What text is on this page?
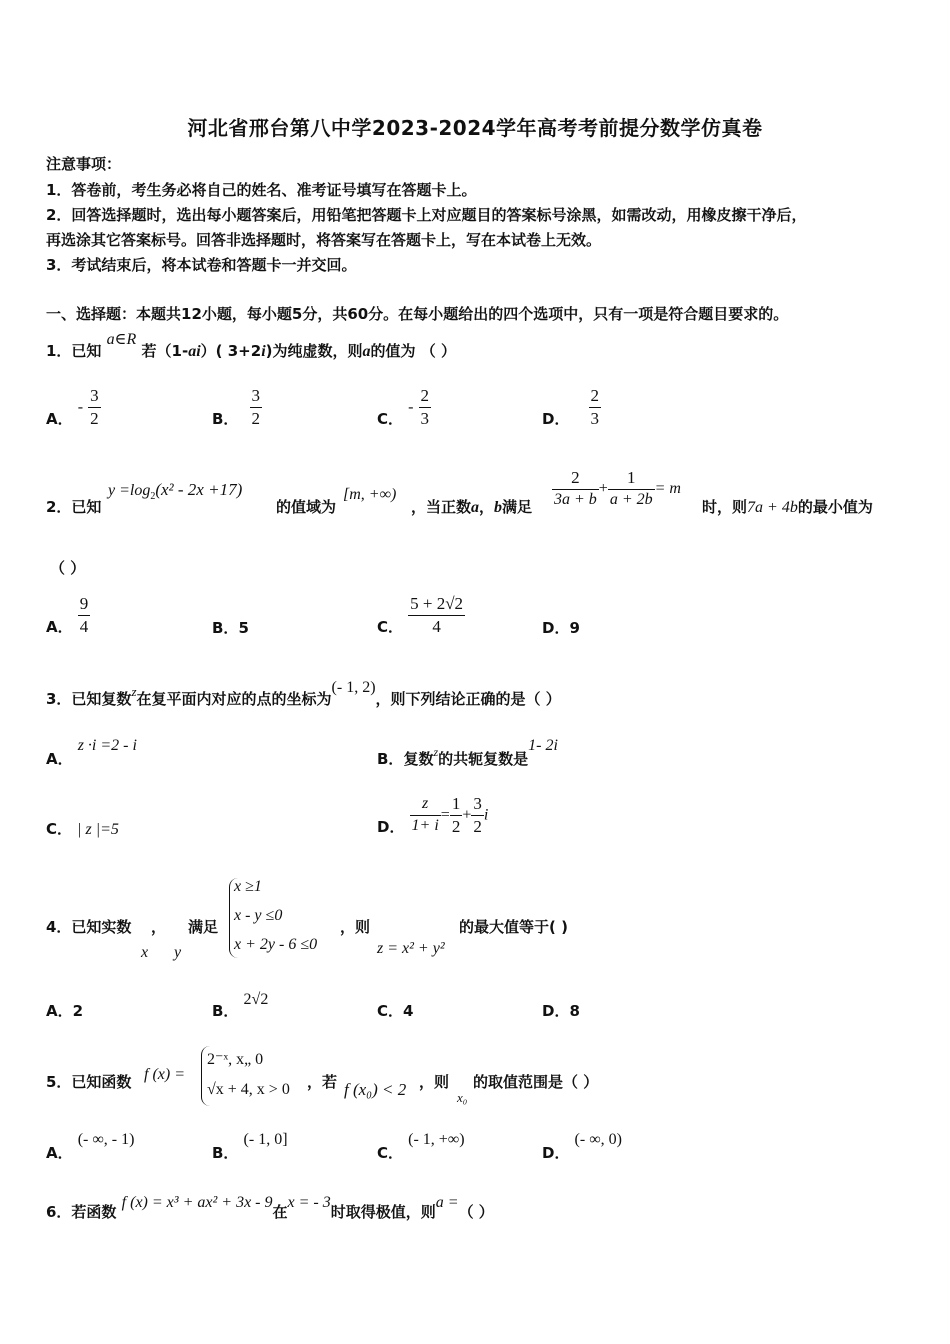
河北省邢台第八中学2023-2024学年高考考前提分数学仿真卷
注意事项：
1．答卷前，考生务必将自己的姓名、准考证号填写在答题卡上。
2．回答选择题时，选出每小题答案后，用铅笔把答题卡上对应题目的答案标号涂黑，如需改动，用橡皮擦干净后，
再选涂其它答案标号。回答非选择题时，将答案写在答题卡上，写在本试卷上无效。
3．考试结束后，将本试卷和答题卡一并交回。
一、选择题：本题共12小题，每小题5分，共60分。在每小题给出的四个选项中，只有一项是符合题目要求的。
1．已知 a∈R 若（1-ai）( 3+2i)为纯虚数，则a的值为 （ ）
A． - $\frac{3}{2}$	B． $\frac{3}{2}$	C． - $\frac{2}{3}$	D． $\frac{2}{3}$
2．已知
$y =\log_2(x^2 - 2x +17)$
的值域为
[m, +∞)
，当正数a，b满足 $\frac{2}{3a + b} + \frac{1}{a + 2b} = m$
时，则7a + 4b的最小值为
（ ）
A． $\frac{9}{4}$	B．5	C． $\frac{5 + 2√2}{4}$	D．9
3．已知复数z在复平面内对应的点的坐标为(- 1, 2)，则下列结论正确的是（ ）
A． z ·i =2 - i
B．复数$_z$的共轭复数是1- 2i
C． | z |=5	D． $\frac{z}{1+ i} = \frac{1}{2} + \frac{3}{2}$ i
4．已知实数
x
，
y
满足
x ≥1
x - y ≤0
x + 2y - 6 ≤0
，则
z = x² + y²
的最大值等于( )
A．2	B． 2√2
C．4	D．8
5．已知函数 f (x) =
2⁻ˣ, x„ 0
√x + 4, x > 0 ，若 f (x₀) < 2 ，则
x₀
的取值范围是（ ）
A． (- ∞, - 1)
B． (- 1, 0]
C． (- 1, +∞)
D． (- ∞, 0)
6．若函数 f (x) = x³ + ax² + 3x - 9在x = - 3时取得极值，则a =（ ）
